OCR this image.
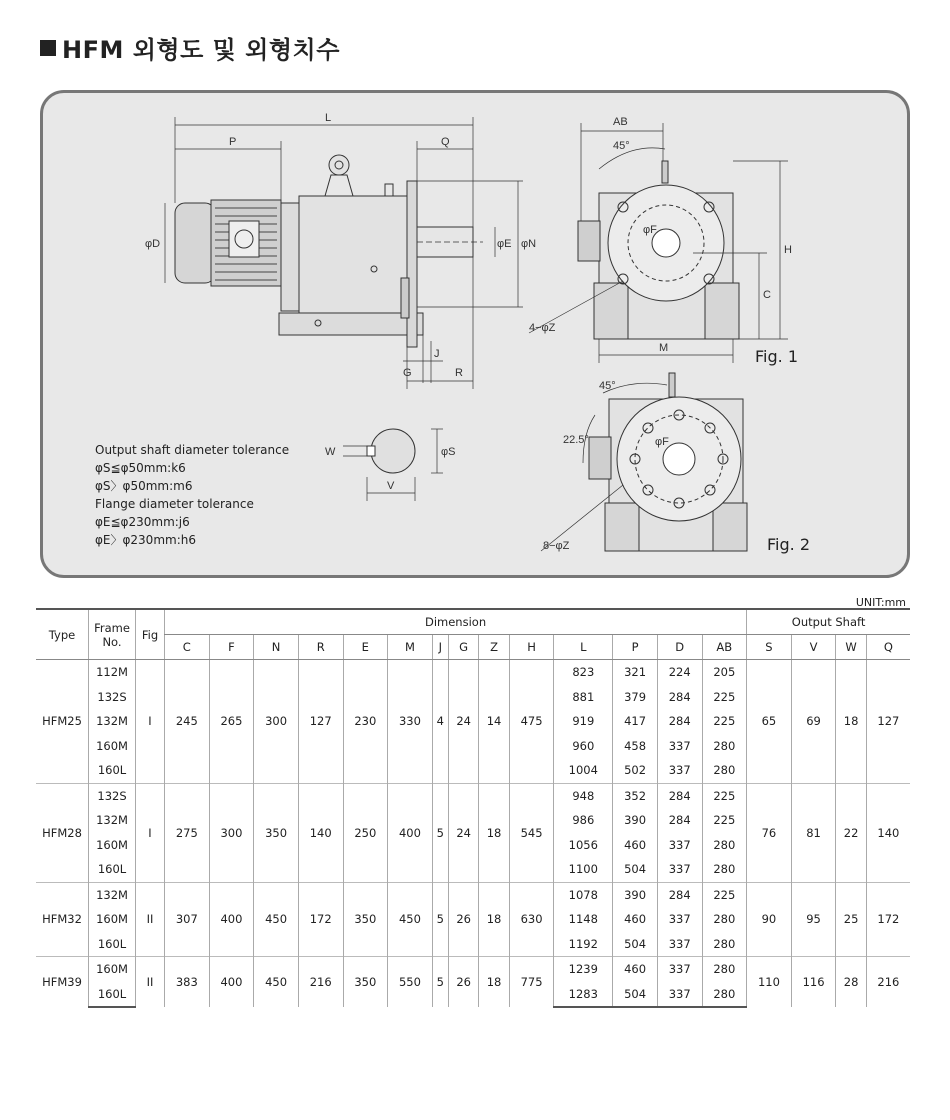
HFM 외형도 및 외형치수
L
P	Q
φD	φE φN
J
G	R
AB
H
C
M
φF
4−φZ
45°
45°
22.5°	φF
8−φZ
W	φS
V
Fig. 1
Fig. 2
Output shaft diameter tolerance
φS≦φ50mm:k6
φS〉φ50mm:m6
Flange diameter tolerance
φE≦φ230mm:j6
φE〉φ230mm:h6
UNIT:mm
Type	Frame No.	Fig	Dimension														Output Shaft			
			C	F	N	R	E	M	J	G	Z	H	L	P	D	AB	S	V	W	Q
HFM25	112M	I	245	265	300	127	230	330	4	24	14	475	823	321	224	205	65	69	18	127
	132S												881	379	284	225				
	132M												919	417	284	225				
	160M												960	458	337	280				
	160L												1004	502	337	280				
HFM28	132S	I	275	300	350	140	250	400	5	24	18	545	948	352	284	225	76	81	22	140
	132M												986	390	284	225				
	160M												1056	460	337	280				
	160L												1100	504	337	280				
HFM32	132M	II	307	400	450	172	350	450	5	26	18	630	1078	390	284	225	90	95	25	172
	160M												1148	460	337	280				
	160L												1192	504	337	280				
HFM39	160M	II	383	400	450	216	350	550	5	26	18	775	1239	460	337	280	110	116	28	216
	160L												1283	504	337	280				
